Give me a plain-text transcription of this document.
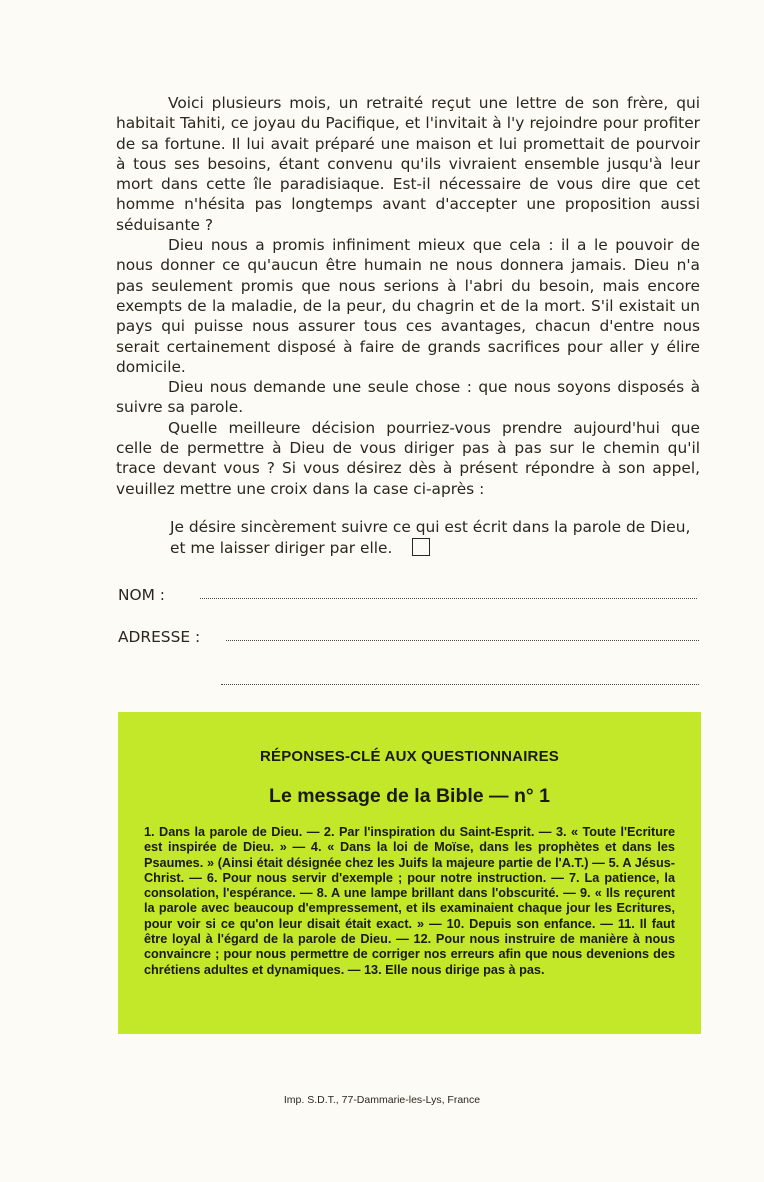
Voici plusieurs mois, un retraité reçut une lettre de son frère, qui habitait Tahiti, ce joyau du Pacifique, et l'invitait à l'y rejoindre pour profiter de sa fortune. Il lui avait préparé une maison et lui promettait de pourvoir à tous ses besoins, étant convenu qu'ils vivraient ensemble jusqu'à leur mort dans cette île paradisiaque. Est-il nécessaire de vous dire que cet homme n'hésita pas longtemps avant d'accepter une proposition aussi séduisante ?

Dieu nous a promis infiniment mieux que cela : il a le pouvoir de nous donner ce qu'aucun être humain ne nous donnera jamais. Dieu n'a pas seulement promis que nous serions à l'abri du besoin, mais encore exempts de la maladie, de la peur, du chagrin et de la mort. S'il existait un pays qui puisse nous assurer tous ces avantages, chacun d'entre nous serait certainement disposé à faire de grands sacrifices pour aller y élire domicile.

Dieu nous demande une seule chose : que nous soyons disposés à suivre sa parole.

Quelle meilleure décision pourriez-vous prendre aujourd'hui que celle de permettre à Dieu de vous diriger pas à pas sur le chemin qu'il trace devant vous ? Si vous désirez dès à présent répondre à son appel, veuillez mettre une croix dans la case ci-après :

Je désire sincèrement suivre ce qui est écrit dans la parole de Dieu, et me laisser diriger par elle.
NOM :
ADRESSE :
RÉPONSES-CLÉ AUX QUESTIONNAIRES
Le message de la Bible — n° 1

1. Dans la parole de Dieu. — 2. Par l'inspiration du Saint-Esprit. — 3. « Toute l'Ecriture est inspirée de Dieu. » — 4. « Dans la loi de Moïse, dans les prophètes et dans les Psaumes. » (Ainsi était désignée chez les Juifs la majeure partie de l'A.T.) — 5. A Jésus-Christ. — 6. Pour nous servir d'exemple ; pour notre instruction. — 7. La patience, la consolation, l'espérance. — 8. A une lampe brillant dans l'obscurité. — 9. « Ils reçurent la parole avec beaucoup d'empressement, et ils examinaient chaque jour les Ecritures, pour voir si ce qu'on leur disait était exact. » — 10. Depuis son enfance. — 11. Il faut être loyal à l'égard de la parole de Dieu. — 12. Pour nous instruire de manière à nous convaincre ; pour nous permettre de corriger nos erreurs afin que nous devenions des chrétiens adultes et dynamiques. — 13. Elle nous dirige pas à pas.

Imp. S.D.T., 77-Dammarie-les-Lys, France
